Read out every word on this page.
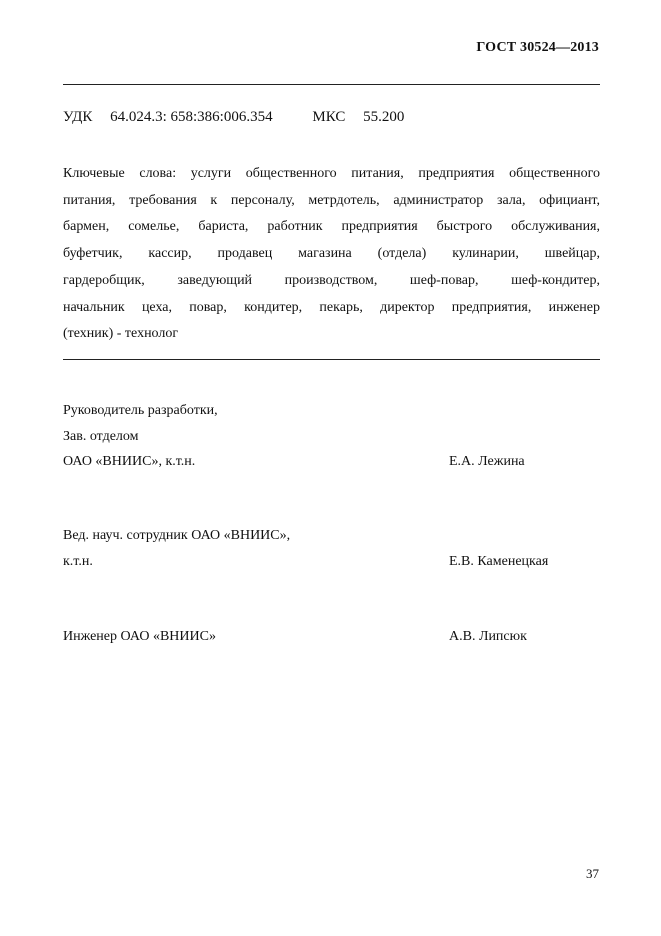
ГОСТ 30524—2013
УДК 64.024.3: 658:386:006.354	МКС 55.200
Ключевые слова: услуги общественного питания, предприятия общественного
питания, требования к персоналу, метрдотель, администратор зала, официант,
бармен, сомелье, бариста, работник предприятия быстрого обслуживания,
буфетчик, кассир, продавец магазина (отдела) кулинарии, швейцар,
гардеробщик, заведующий производством, шеф-повар, шеф-кондитер,
начальник цеха, повар, кондитер, пекарь, директор предприятия, инженер
(техник) - технолог
Руководитель разработки,
Зав. отделом
ОАО «ВНИИС», к.т.н.	Е.А. Лежина
Вед. науч. сотрудник ОАО «ВНИИС»,
к.т.н.	Е.В. Каменецкая
Инженер ОАО «ВНИИС»	А.В. Липсюк
37
